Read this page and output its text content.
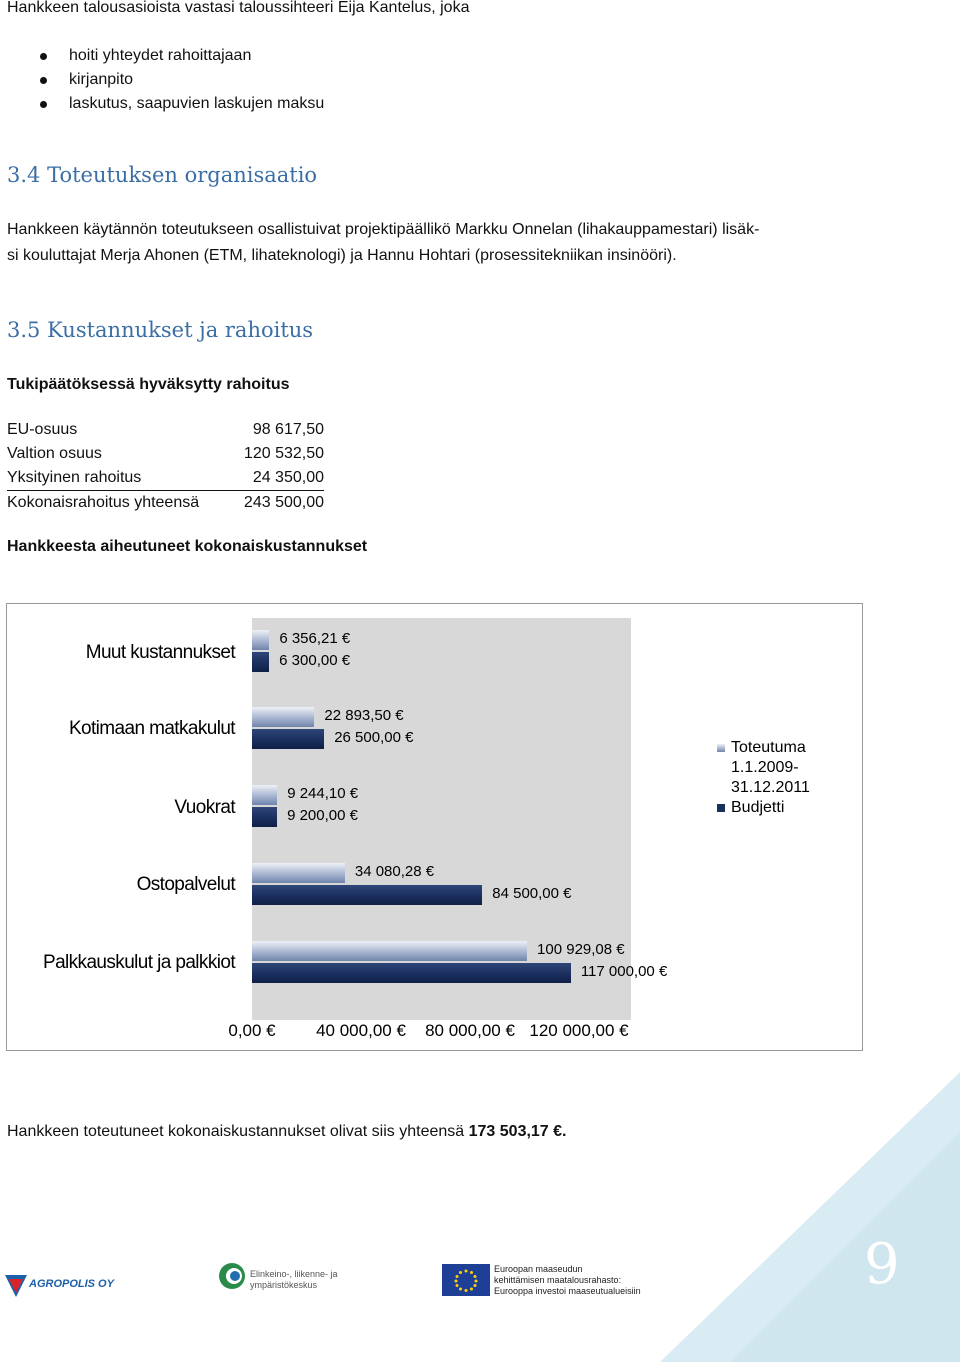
9
Hankkeen talousasioista vastasi taloussihteeri Eija Kantelus, joka
hoiti yhteydet rahoittajaan
kirjanpito
laskutus, saapuvien laskujen maksu
3.4 Toteutuksen organisaatio
Hankkeen käytännön toteutukseen osallistuivat projektipäällikö Markku Onnelan (lihakauppamestari) lisäk-
si kouluttajat Merja Ahonen (ETM, lihateknologi) ja Hannu Hohtari (prosessitekniikan insinööri).
3.5 Kustannukset ja rahoitus
Tukipäätöksessä hyväksytty rahoitus
EU-osuus	98 617,50
Valtion osuus	120 532,50
Yksityinen rahoitus	24 350,00
Kokonaisrahoitus yhteensä	243 500,00
Hankkeesta aiheutuneet kokonaiskustannukset
Toteutuma
1.1.2009-
31.12.2011
Budjetti
Muut kustannukset
6 356,21 €
6 300,00 €
Kotimaan matkakulut
22 893,50 €
26 500,00 €
Vuokrat
9 244,10 €
9 200,00 €
Ostopalvelut
34 080,28 €
84 500,00 €
Palkkauskulut ja palkkiot
100 929,08 €
117 000,00 €
0,00 € 40 000,00 € 80 000,00 € 120 000,00 €
Hankkeen toteutuneet kokonaiskustannukset olivat siis yhteensä 173 503,17 €.
AGROPOLIS OY
Elinkeino-, liikenne- ja
ympäristökeskus
Euroopan maaseudun
kehittämisen maatalousrahasto:
Eurooppa investoi maaseutualueisiin
